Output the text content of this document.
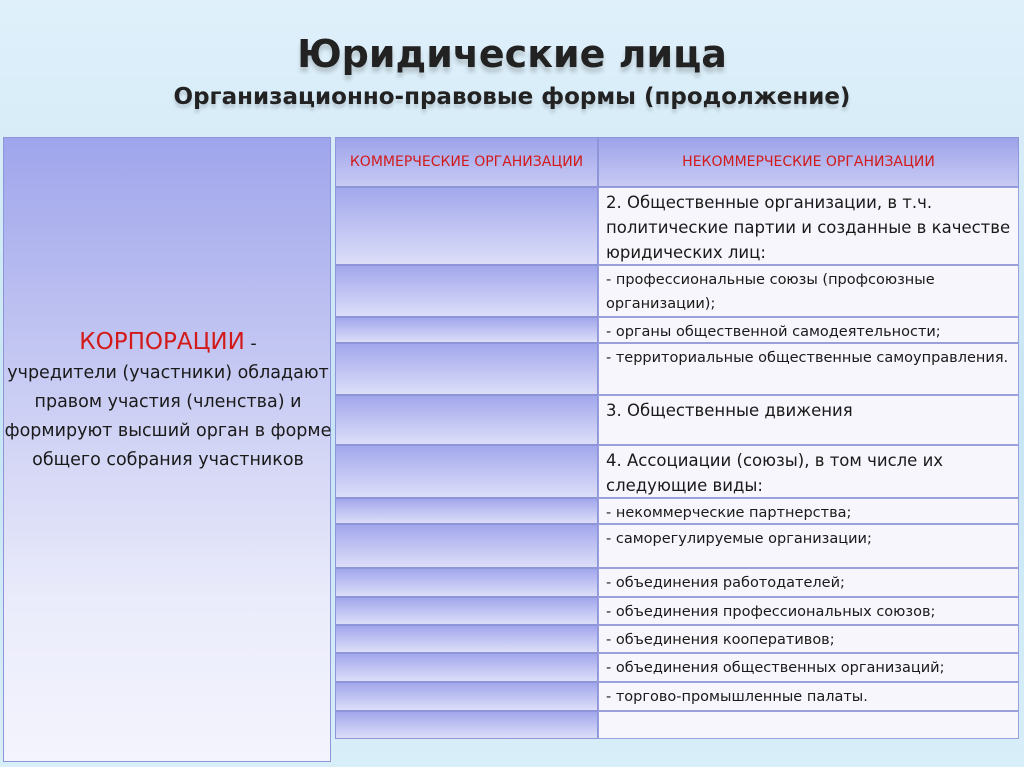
Юридические лица
Организационно-правовые формы (продолжение)
КОРПОРАЦИИ -
учредители (участники) обладают правом участия (членства) и формируют высший орган в форме общего собрания участников
КОММЕРЧЕСКИЕ ОРГАНИЗАЦИИ	НЕКОММЕРЧЕСКИЕ ОРГАНИЗАЦИИ
2. Общественные организации, в т.ч. политические партии и созданные в качестве юридических лиц:
- профессиональные союзы (профсоюзные организации);
- органы общественной самодеятельности;
- территориальные общественные самоуправления.
3. Общественные движения
4. Ассоциации (союзы), в том числе их следующие виды:
- некоммерческие партнерства;
- саморегулируемые организации;
- объединения работодателей;
- объединения профессиональных союзов;
- объединения кооперативов;
- объединения общественных организаций;
- торгово-промышленные палаты.
